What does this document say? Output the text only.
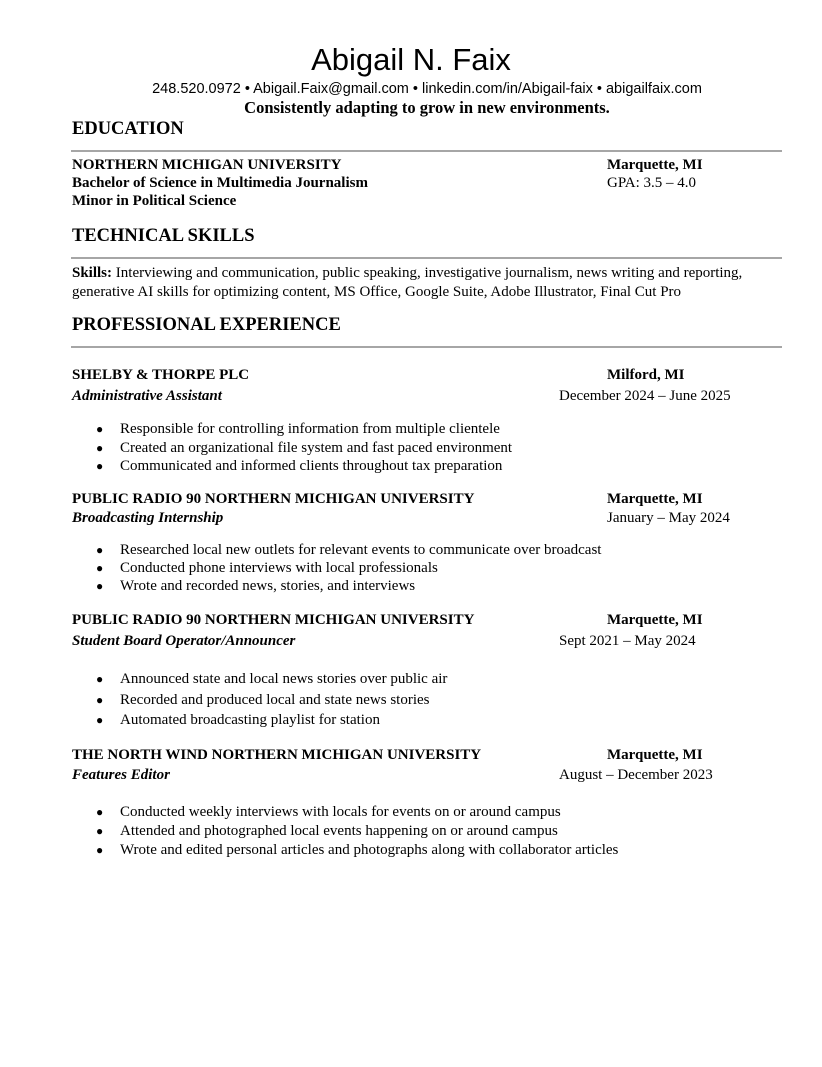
Abigail N. Faix
248.520.0972 • Abigail.Faix@gmail.com • linkedin.com/in/Abigail-faix • abigailfaix.com
Consistently adapting to grow in new environments.
EDUCATION
NORTHERN MICHIGAN UNIVERSITY	Marquette, MI
Bachelor of Science in Multimedia Journalism	GPA: 3.5 – 4.0
Minor in Political Science
TECHNICAL SKILLS
Skills: Interviewing and communication, public speaking, investigative journalism, news writing and reporting, generative AI skills for optimizing content, MS Office, Google Suite, Adobe Illustrator, Final Cut Pro
PROFESSIONAL EXPERIENCE
SHELBY & THORPE PLC	Milford, MI
Administrative Assistant	December 2024 – June 2025
● Responsible for controlling information from multiple clientele
● Created an organizational file system and fast paced environment
● Communicated and informed clients throughout tax preparation
PUBLIC RADIO 90 NORTHERN MICHIGAN UNIVERSITY	Marquette, MI
Broadcasting Internship	January – May 2024
● Researched local new outlets for relevant events to communicate over broadcast
● Conducted phone interviews with local professionals
● Wrote and recorded news, stories, and interviews
PUBLIC RADIO 90 NORTHERN MICHIGAN UNIVERSITY	Marquette, MI
Student Board Operator/Announcer	Sept 2021 – May 2024
● Announced state and local news stories over public air
● Recorded and produced local and state news stories
● Automated broadcasting playlist for station
THE NORTH WIND NORTHERN MICHIGAN UNIVERSITY	Marquette, MI
Features Editor	August – December 2023
● Conducted weekly interviews with locals for events on or around campus
● Attended and photographed local events happening on or around campus
● Wrote and edited personal articles and photographs along with collaborator articles
